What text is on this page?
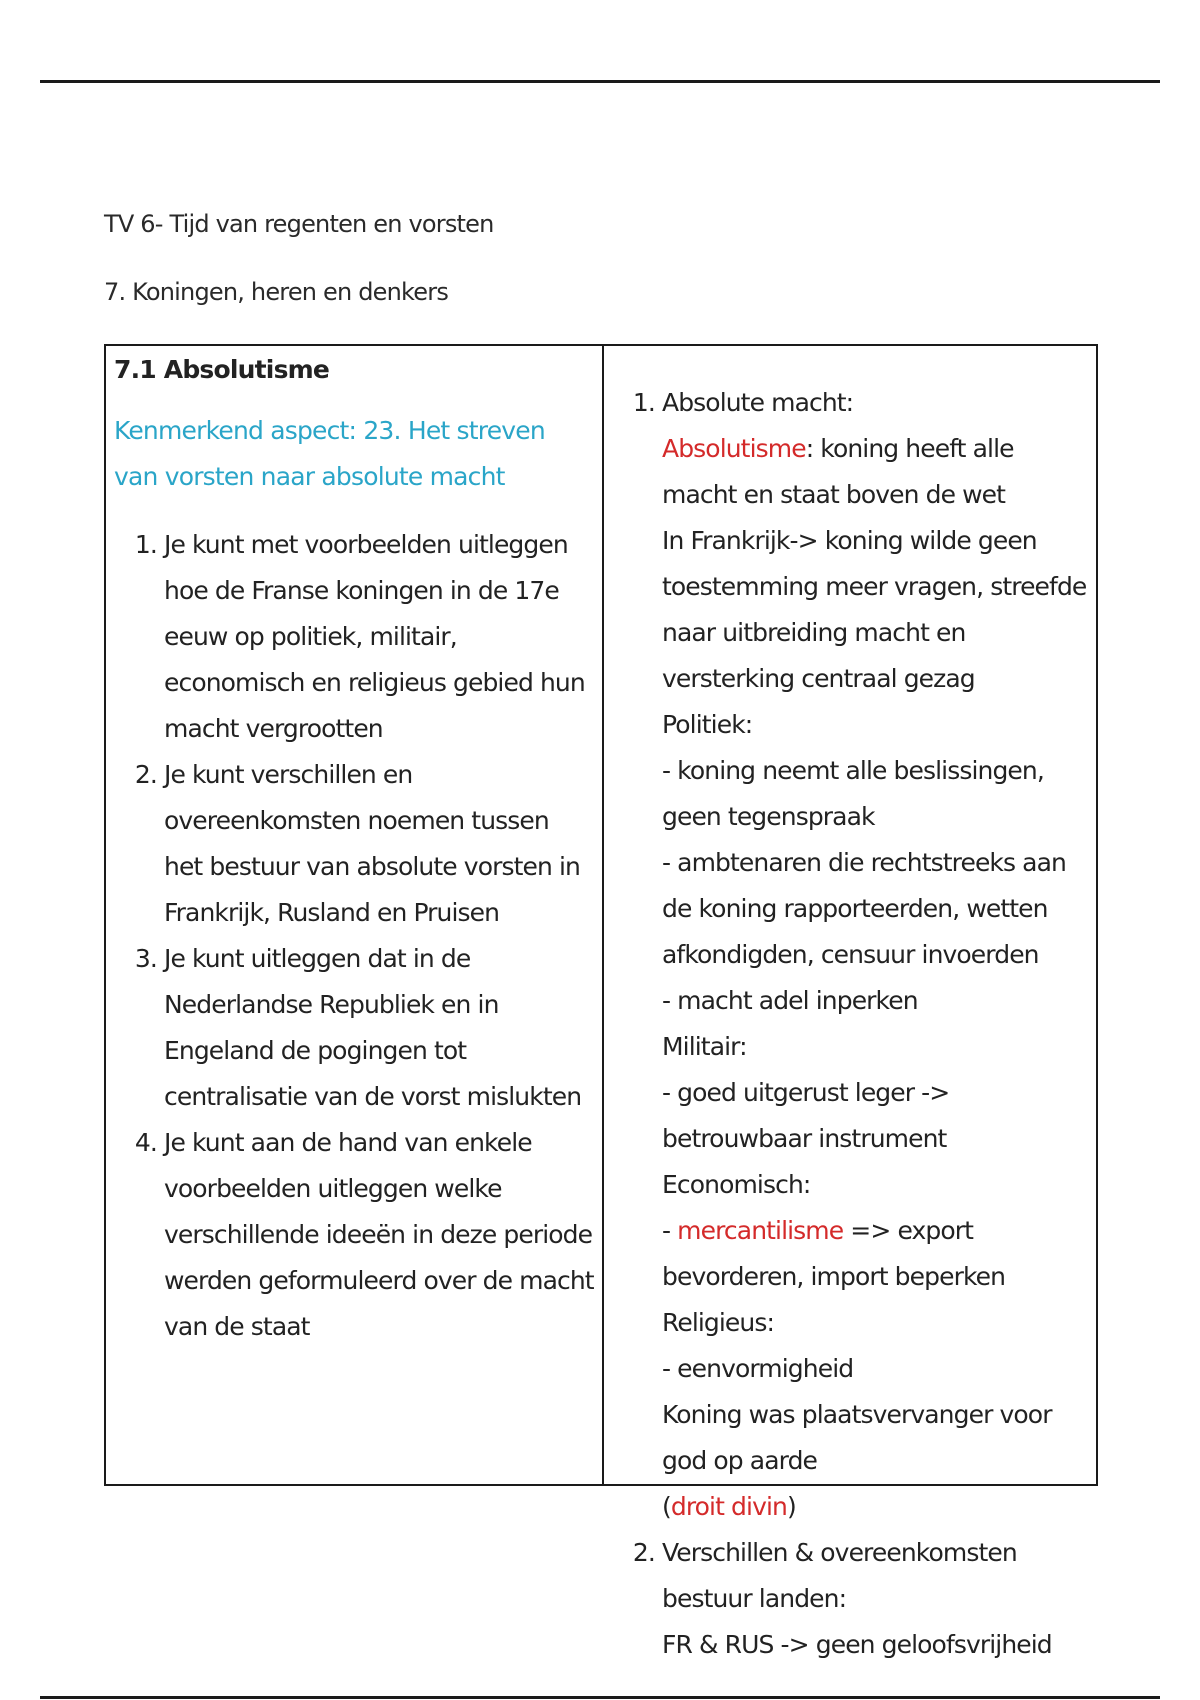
TV 6- Tijd van regenten en vorsten
7. Koningen, heren en denkers
7.1 Absolutisme
Kenmerkend aspect: 23. Het streven van vorsten naar absolute macht
1. Je kunt met voorbeelden uitleggen hoe de Franse koningen in de 17e eeuw op politiek, militair, economisch en religieus gebied hun macht vergrootten
2. Je kunt verschillen en overeenkomsten noemen tussen het bestuur van absolute vorsten in Frankrijk, Rusland en Pruisen
3. Je kunt uitleggen dat in de Nederlandse Republiek en in Engeland de pogingen tot centralisatie van de vorst mislukten
4. Je kunt aan de hand van enkele voorbeelden uitleggen welke verschillende ideeën in deze periode werden geformuleerd over de macht van de staat
1. Absolute macht:
Absolutisme: koning heeft alle macht en staat boven de wet
In Frankrijk-> koning wilde geen toestemming meer vragen, streefde naar uitbreiding macht en versterking centraal gezag
Politiek:
- koning neemt alle beslissingen, geen tegenspraak
- ambtenaren die rechtstreeks aan de koning rapporteerden, wetten afkondigden, censuur invoerden
- macht adel inperken
Militair:
- goed uitgerust leger -> betrouwbaar instrument
Economisch:
- mercantilisme => export bevorderen, import beperken
Religieus:
- eenvormigheid
Koning was plaatsvervanger voor god op aarde
(droit divin)
2. Verschillen & overeenkomsten bestuur landen:
FR & RUS -> geen geloofsvrijheid
